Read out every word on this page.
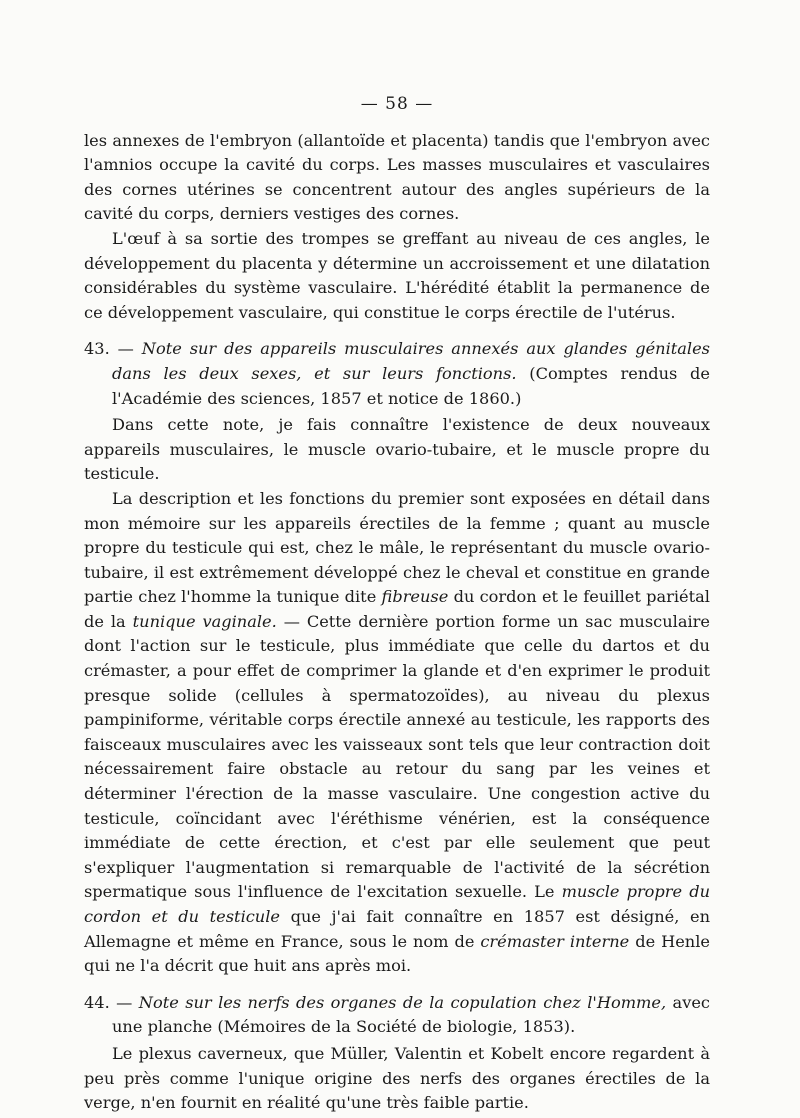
— 58 —

les annexes de l'embryon (allantoïde et placenta) tandis que l'embryon avec l'amnios occupe la cavité du corps. Les masses musculaires et vasculaires des cornes utérines se concentrent autour des angles supérieurs de la cavité du corps, derniers vestiges des cornes.

L'œuf à sa sortie des trompes se greffant au niveau de ces angles, le développement du placenta y détermine un accroissement et une dilatation considérables du système vasculaire. L'hérédité établit la permanence de ce développement vasculaire, qui constitue le corps érectile de l'utérus.

43. — Note sur des appareils musculaires annexés aux glandes génitales dans les deux sexes, et sur leurs fonctions. (Comptes rendus de l'Académie des sciences, 1857 et notice de 1860.)

Dans cette note, je fais connaître l'existence de deux nouveaux appareils musculaires, le muscle ovario-tubaire, et le muscle propre du testicule.

La description et les fonctions du premier sont exposées en détail dans mon mémoire sur les appareils érectiles de la femme ; quant au muscle propre du testicule qui est, chez le mâle, le représentant du muscle ovario-tubaire, il est extrêmement développé chez le cheval et constitue en grande partie chez l'homme la tunique dite fibreuse du cordon et le feuillet pariétal de la tunique vaginale. — Cette dernière portion forme un sac musculaire dont l'action sur le testicule, plus immédiate que celle du dartos et du crémaster, a pour effet de comprimer la glande et d'en exprimer le produit presque solide (cellules à spermatozoïdes), au niveau du plexus pampiniforme, véritable corps érectile annexé au testicule, les rapports des faisceaux musculaires avec les vaisseaux sont tels que leur contraction doit nécessairement faire obstacle au retour du sang par les veines et déterminer l'érection de la masse vasculaire. Une congestion active du testicule, coïncidant avec l'éréthisme vénérien, est la conséquence immédiate de cette érection, et c'est par elle seulement que peut s'expliquer l'augmentation si remarquable de l'activité de la sécrétion spermatique sous l'influence de l'excitation sexuelle. Le muscle propre du cordon et du testicule que j'ai fait connaître en 1857 est désigné, en Allemagne et même en France, sous le nom de crémaster interne de Henle qui ne l'a décrit que huit ans après moi.

44. — Note sur les nerfs des organes de la copulation chez l'Homme, avec une planche (Mémoires de la Société de biologie, 1853).

Le plexus caverneux, que Müller, Valentin et Kobelt encore regardent à peu près comme l'unique origine des nerfs des organes érectiles de la verge, n'en fournit en réalité qu'une très faible partie.
